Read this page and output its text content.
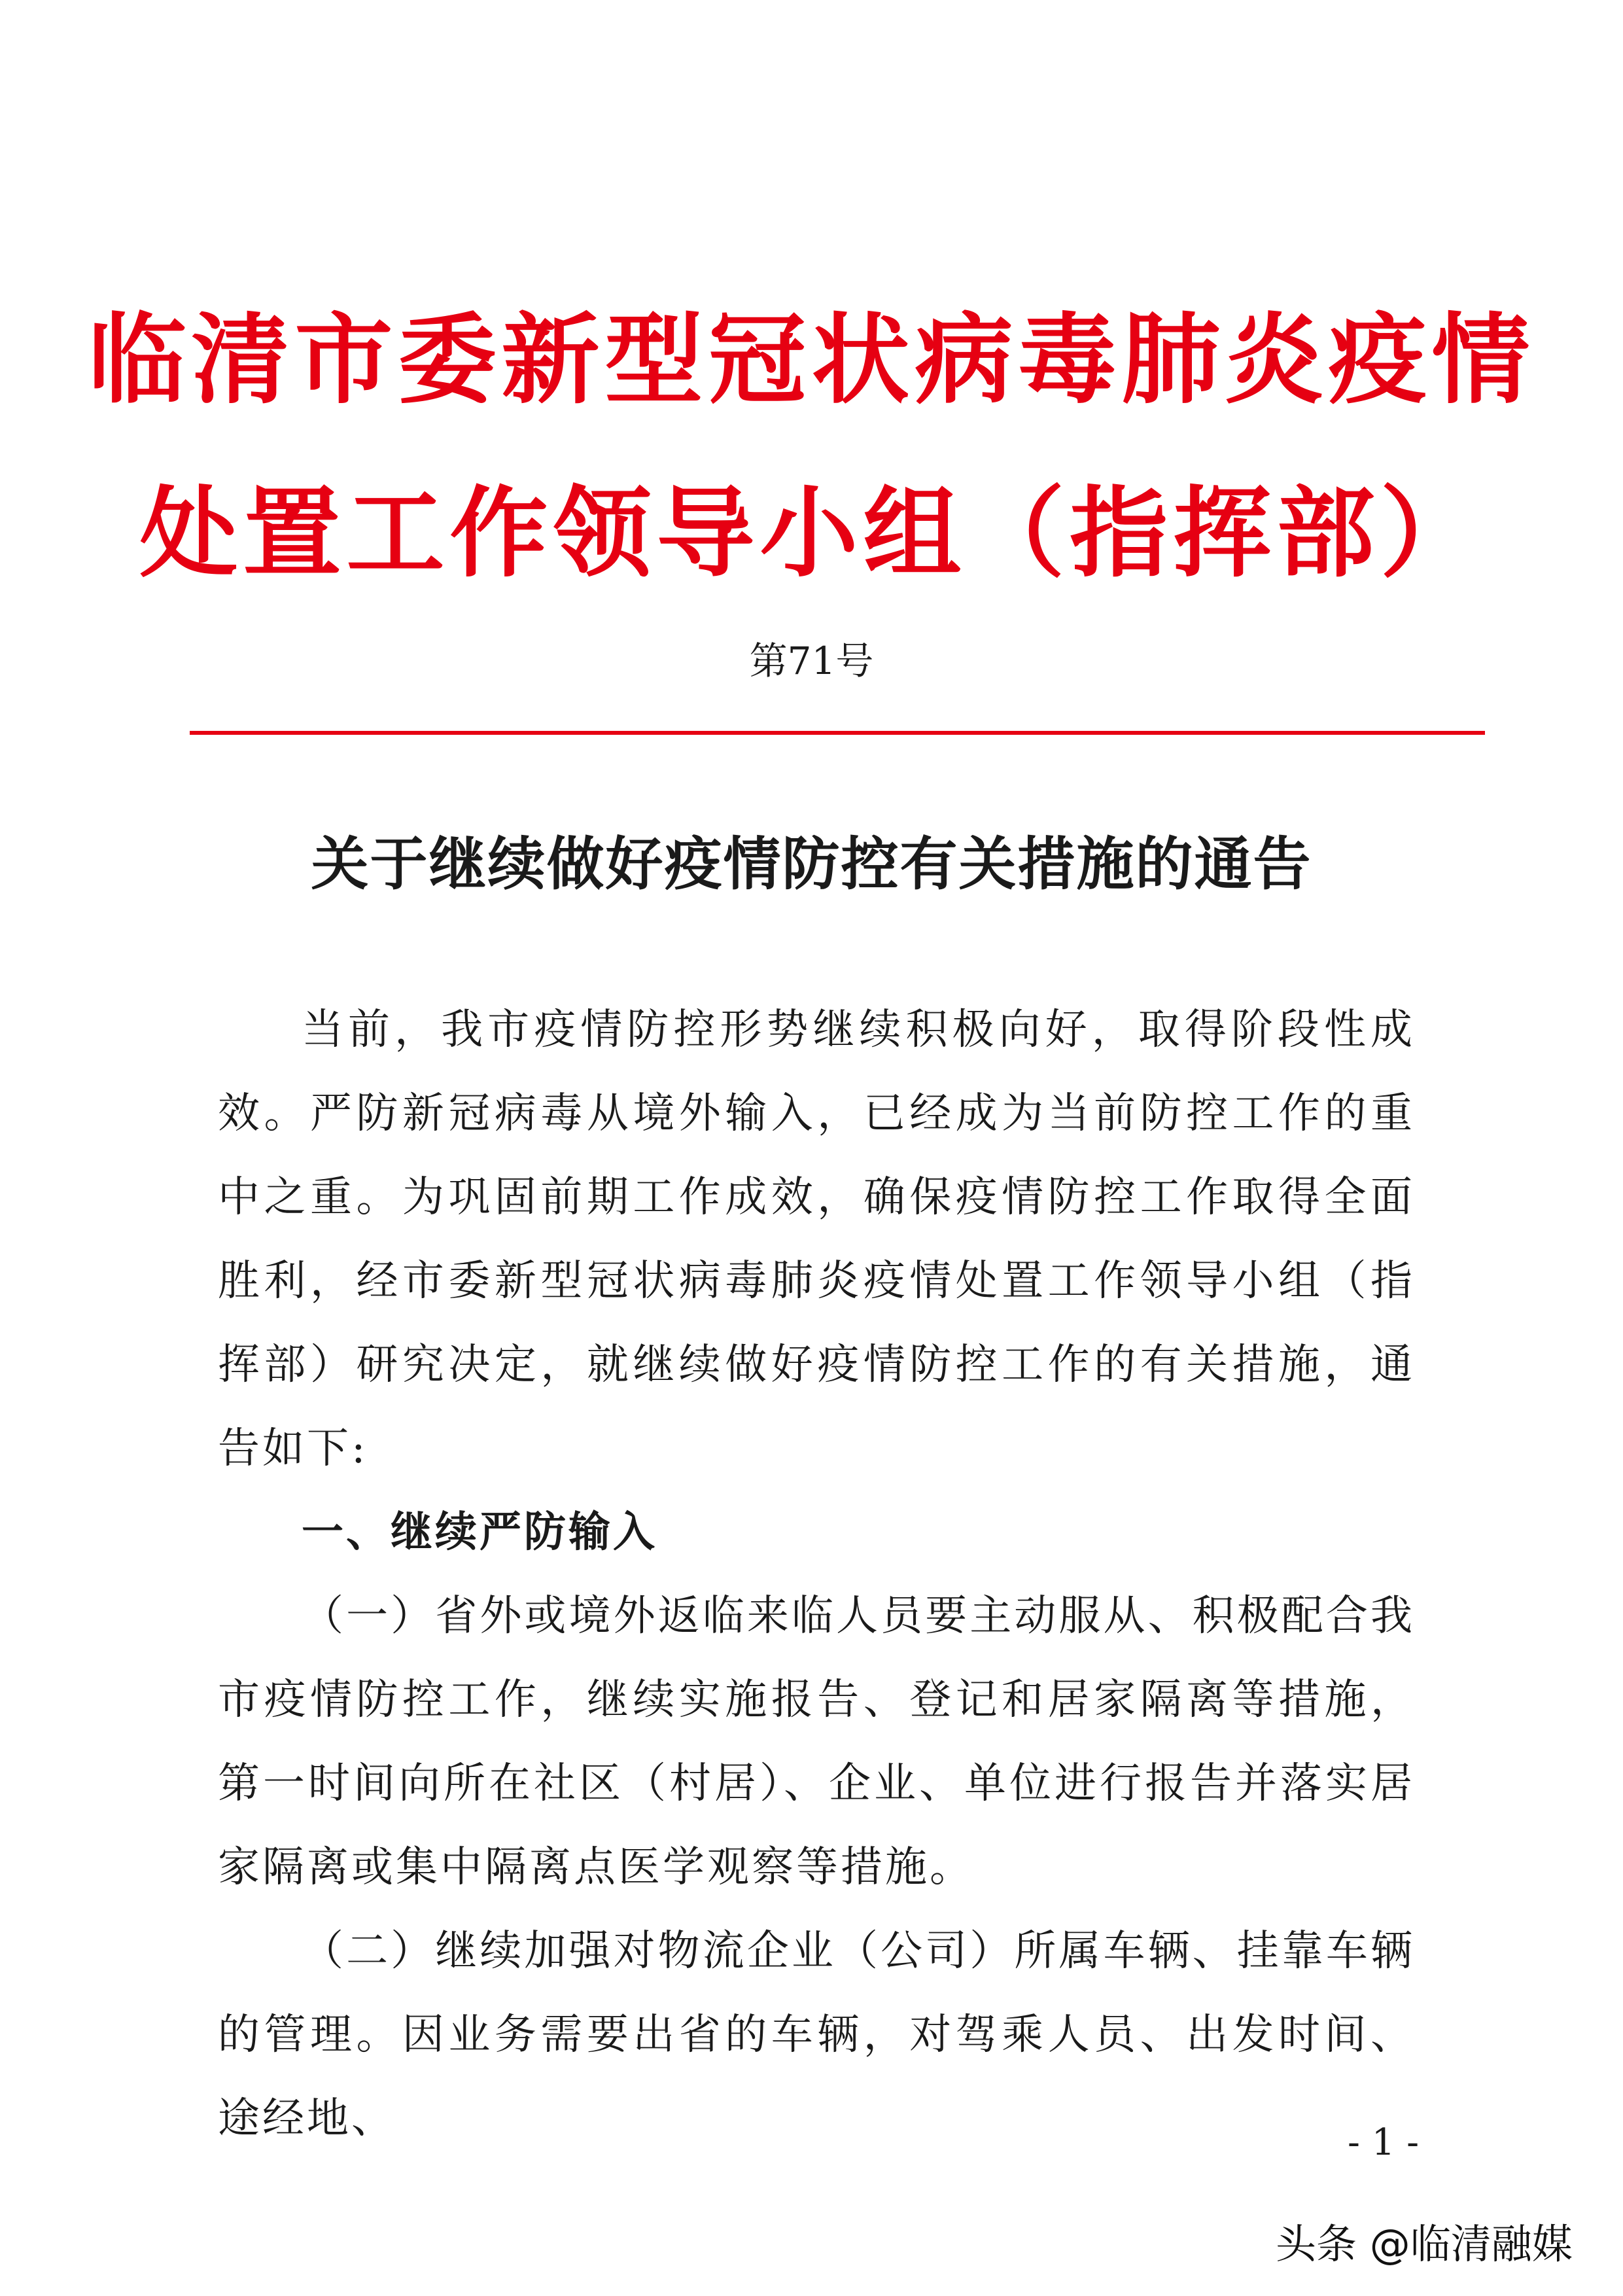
临清市委新型冠状病毒肺炎疫情
处置工作领导小组（指挥部）
第71号
关于继续做好疫情防控有关措施的通告

当前，我市疫情防控形势继续积极向好，取得阶段性成效。严防新冠病毒从境外输入，已经成为当前防控工作的重中之重。为巩固前期工作成效，确保疫情防控工作取得全面胜利，经市委新型冠状病毒肺炎疫情处置工作领导小组（指挥部）研究决定，就继续做好疫情防控工作的有关措施，通告如下:

一、继续严防输入

（一）省外或境外返临来临人员要主动服从、积极配合我市疫情防控工作，继续实施报告、登记和居家隔离等措施，第一时间向所在社区（村居）、企业、单位进行报告并落实居家隔离或集中隔离点医学观察等措施。

（二）继续加强对物流企业（公司）所属车辆、挂靠车辆的管理。因业务需要出省的车辆，对驾乘人员、出发时间、途经地、	- 1 -
头条 @临清融媒
